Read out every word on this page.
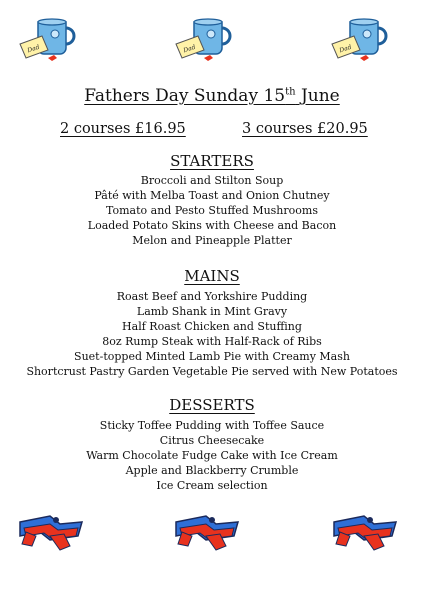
Dad	Dad	Dad
Fathers Day Sunday 15th June
2 courses £16.95	3 courses £20.95
STARTERS
Broccoli and Stilton Soup
Pâté with Melba Toast and Onion Chutney
Tomato and Pesto Stuffed Mushrooms
Loaded Potato Skins with Cheese and Bacon
Melon and Pineapple Platter
MAINS
Roast Beef and Yorkshire Pudding
Lamb Shank in Mint Gravy
Half Roast Chicken and Stuffing
8oz Rump Steak with Half-Rack of Ribs
Suet-topped Minted Lamb Pie with Creamy Mash
Shortcrust Pastry Garden Vegetable Pie served with New Potatoes
DESSERTS
Sticky Toffee Pudding with Toffee Sauce
Citrus Cheesecake
Warm Chocolate Fudge Cake with Ice Cream
Apple and Blackberry Crumble
Ice Cream selection
